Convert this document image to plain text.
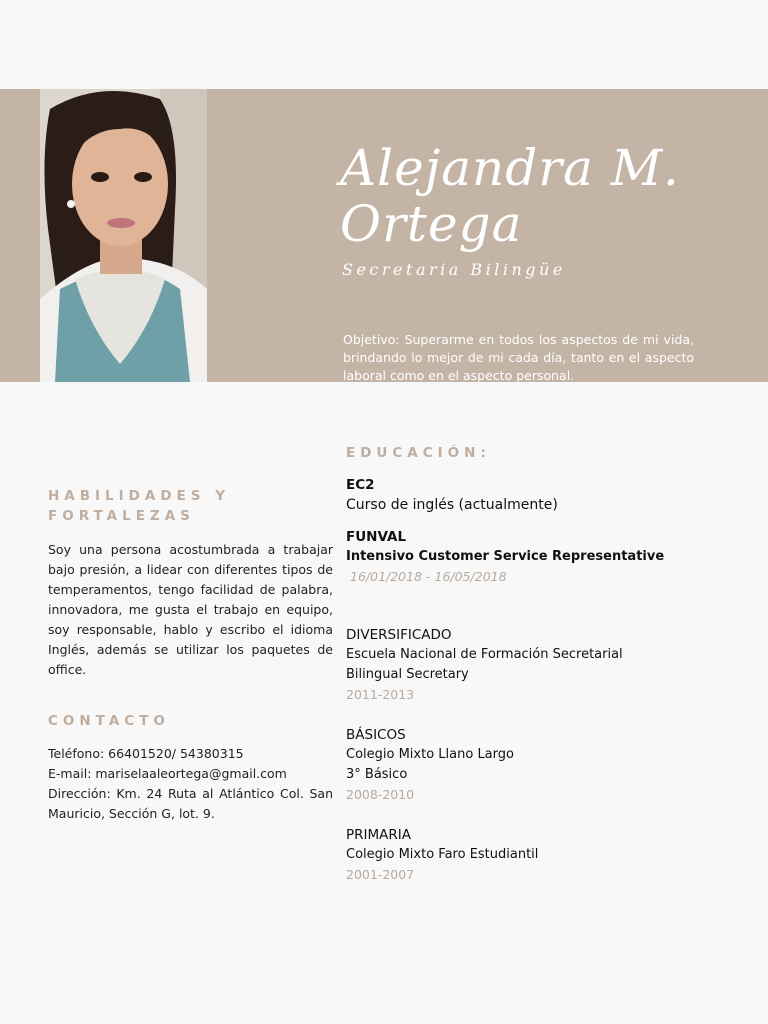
Alejandra M.
Ortega
Secretaria Bilingüe
Objetivo: Superarme en todos los aspectos de mi vida, brindando lo mejor de mi cada día, tanto en el aspecto laboral como en el aspecto personal.
HABILIDADES Y
FORTALEZAS
Soy una persona acostumbrada a trabajar bajo presión, a lidear con diferentes tipos de temperamentos, tengo facilidad de palabra, innovadora, me gusta el trabajo en equipo, soy responsable, hablo y escribo el idioma Inglés, además se utilizar los paquetes de office.
CONTACTO
Teléfono: 66401520/ 54380315
E-mail: mariselaaleortega@gmail.com
Dirección: Km. 24 Ruta al Atlántico Col. San Mauricio, Sección G, lot. 9.
EDUCACIÓN:
EC2
Curso de inglés (actualmente)
FUNVAL
Intensivo Customer Service Representative
16/01/2018 - 16/05/2018
DIVERSIFICADO
Escuela Nacional de Formación Secretarial
Bilingual Secretary
2011-2013
BÁSICOS
Colegio Mixto Llano Largo
3° Básico
2008-2010
PRIMARIA
Colegio Mixto Faro Estudiantil
2001-2007
